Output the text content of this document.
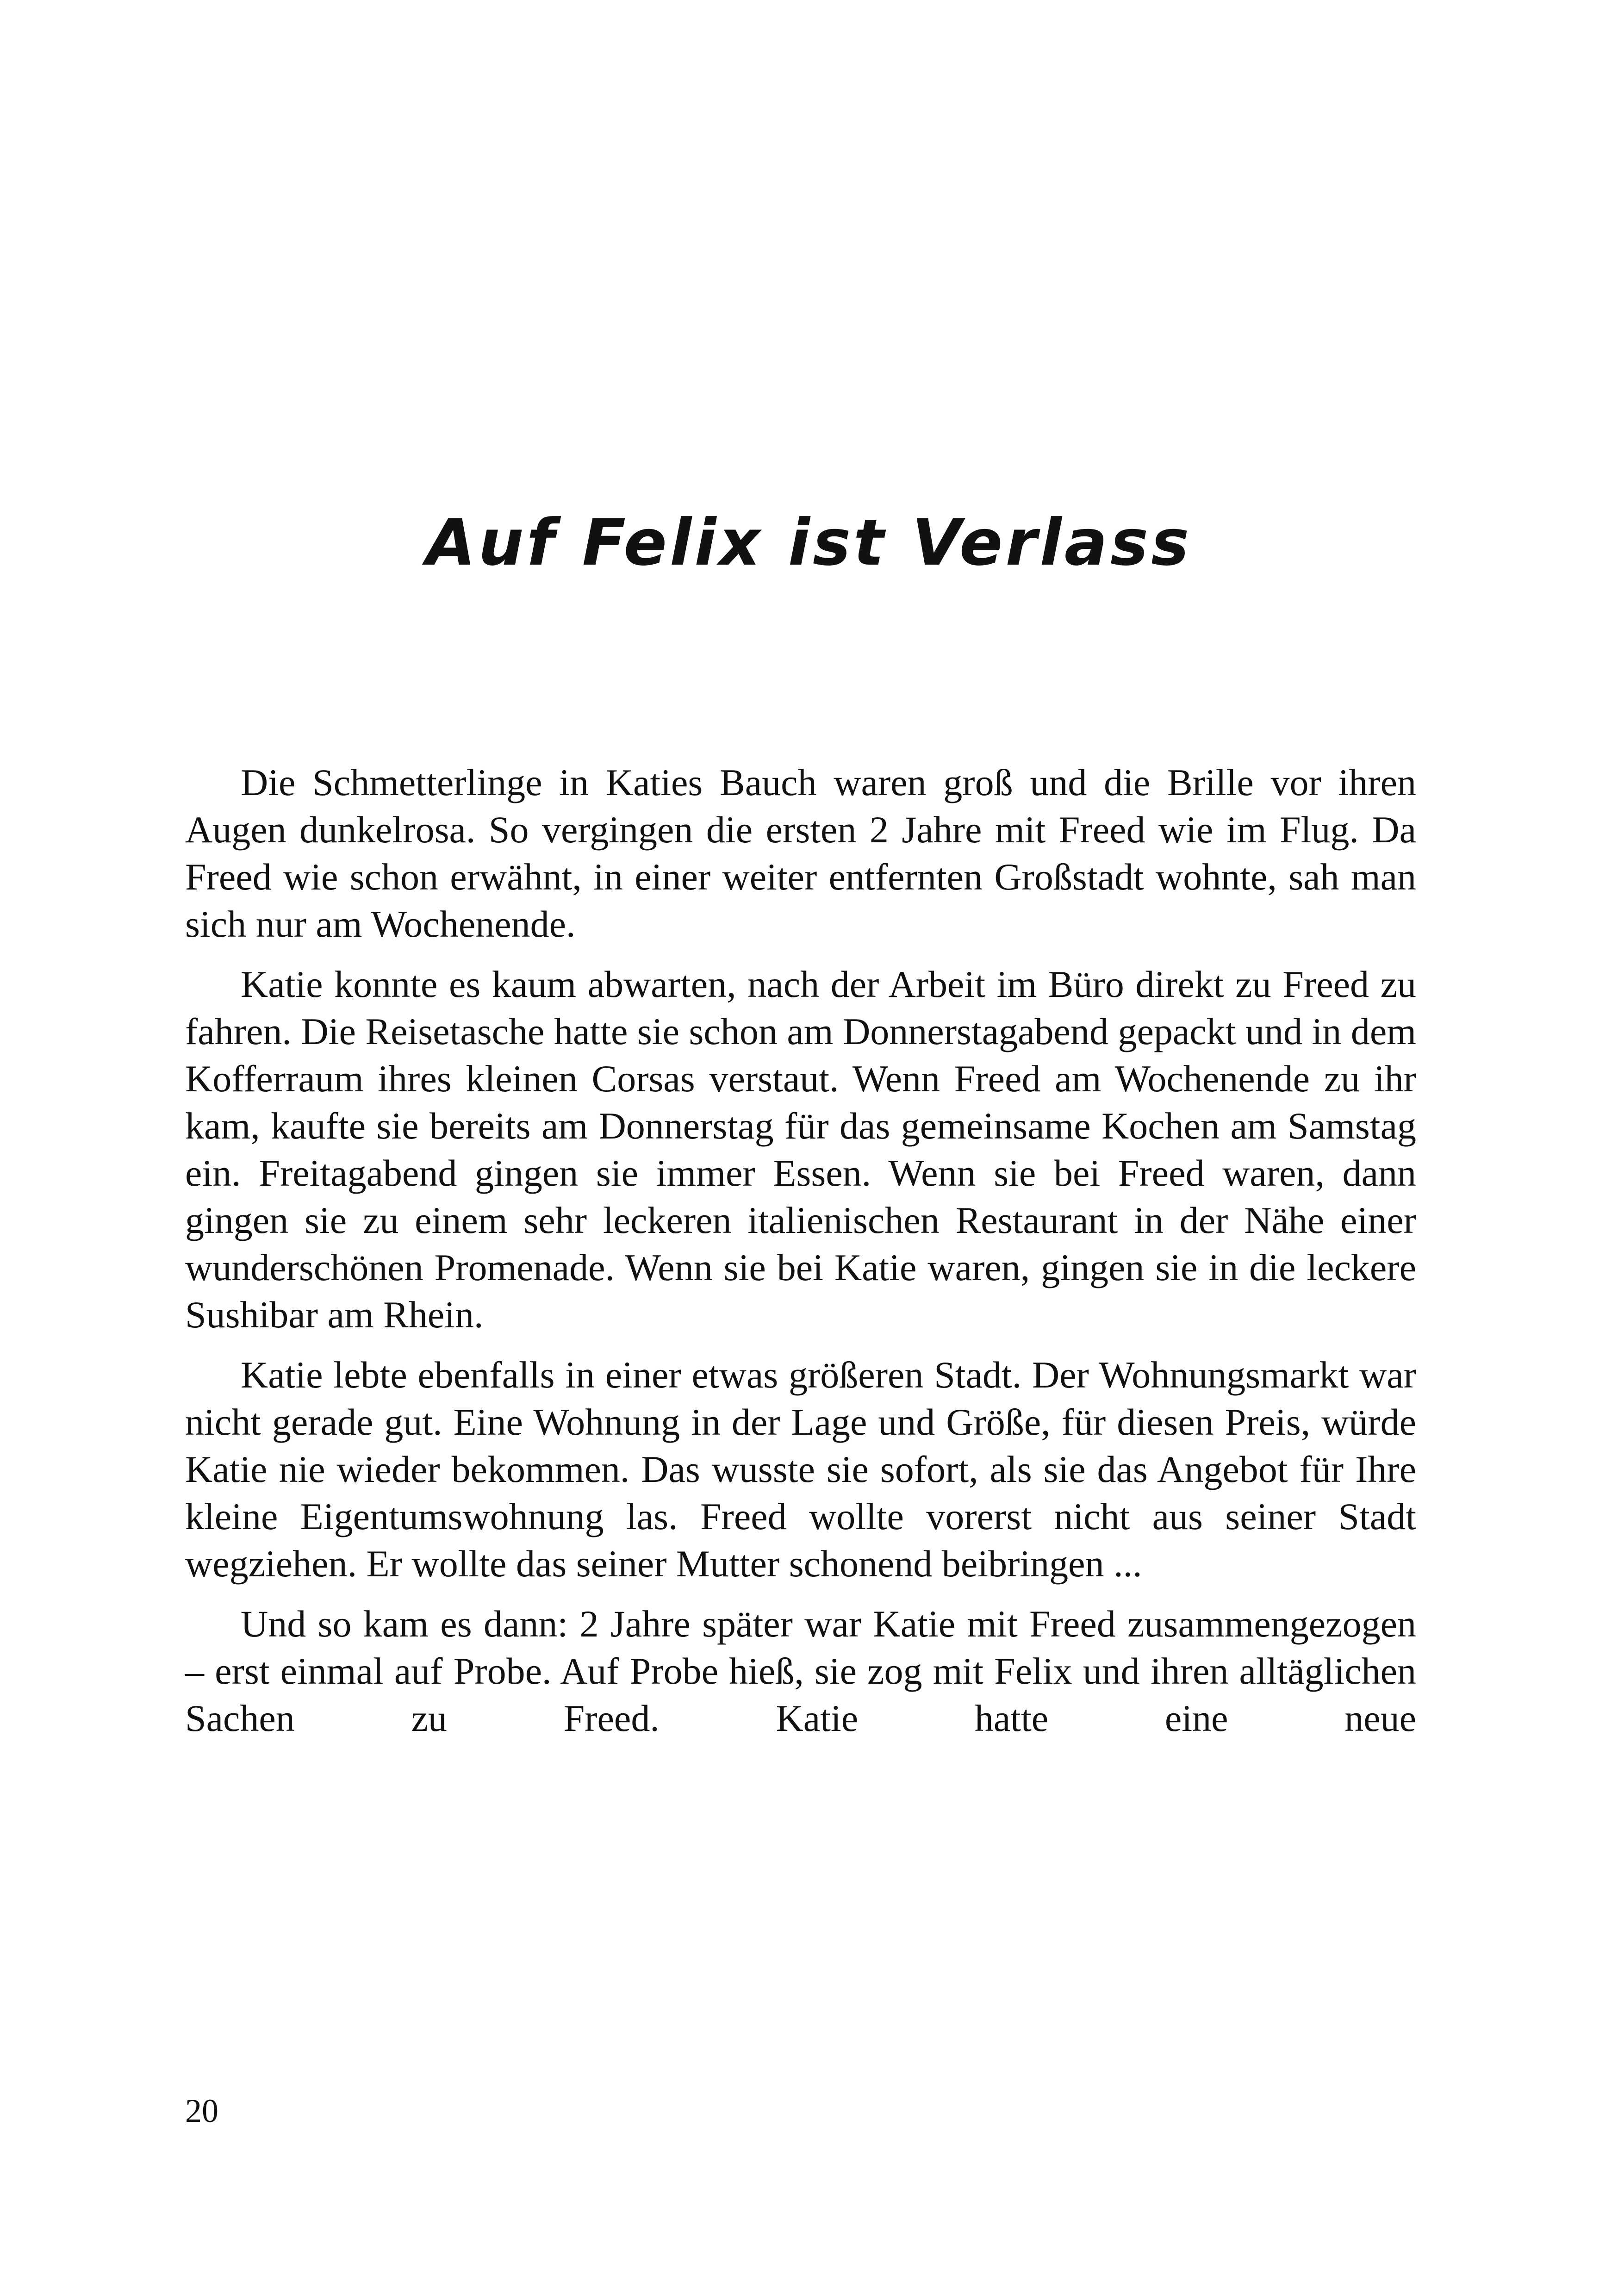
Auf Felix ist Verlass

Die Schmetterlinge in Katies Bauch waren groß und die Brille vor ihren Augen dunkelrosa. So vergingen die ersten 2 Jahre mit Freed wie im Flug. Da Freed wie schon erwähnt, in einer weiter entfernten Großstadt wohnte, sah man sich nur am Wochenende.

Katie konnte es kaum abwarten, nach der Arbeit im Büro direkt zu Freed zu fahren. Die Reisetasche hatte sie schon am Donnerstagabend gepackt und in dem Kofferraum ihres kleinen Corsas verstaut. Wenn Freed am Wochenende zu ihr kam, kaufte sie bereits am Donnerstag für das gemeinsame Kochen am Samstag ein. Freitagabend gingen sie immer Essen. Wenn sie bei Freed waren, dann gingen sie zu einem sehr leckeren italienischen Restaurant in der Nähe einer wunderschönen Promenade. Wenn sie bei Katie waren, gingen sie in die leckere Sushibar am Rhein.

Katie lebte ebenfalls in einer etwas größeren Stadt. Der Wohnungsmarkt war nicht gerade gut. Eine Wohnung in der Lage und Größe, für diesen Preis, würde Katie nie wieder bekommen. Das wusste sie sofort, als sie das Angebot für Ihre kleine Eigentumswohnung las. Freed wollte vorerst nicht aus seiner Stadt wegziehen. Er wollte das seiner Mutter schonend beibringen ...

Und so kam es dann: 2 Jahre später war Katie mit Freed zusammengezogen – erst einmal auf Probe. Auf Probe hieß, sie zog mit Felix und ihren alltäglichen Sachen zu Freed. Katie hatte eine neue

20
